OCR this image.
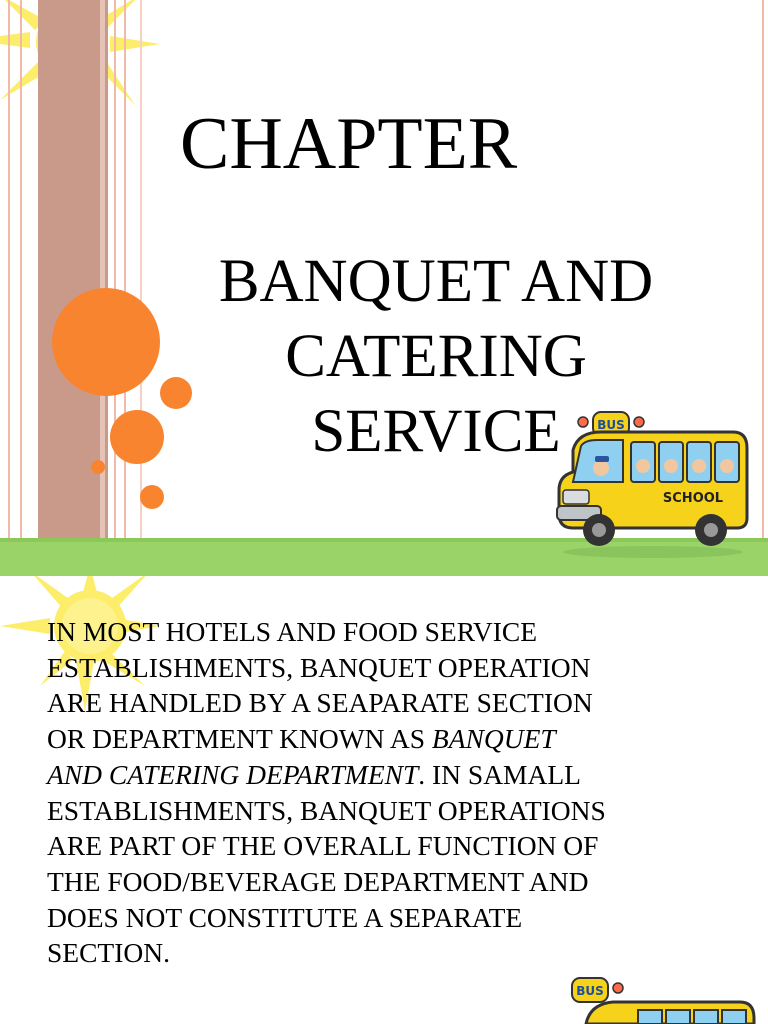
CHAPTER
BANQUET AND
CATERING
SERVICE	BUS
SCHOOL
IN MOST HOTELS AND FOOD SERVICE
ESTABLISHMENTS, BANQUET OPERATION
ARE HANDLED BY A SEAPARATE SECTION
OR DEPARTMENT KNOWN AS BANQUET
AND CATERING DEPARTMENT. IN SAMALL
ESTABLISHMENTS, BANQUET OPERATIONS
ARE PART OF THE OVERALL FUNCTION OF
THE FOOD/BEVERAGE DEPARTMENT AND
DOES NOT CONSTITUTE A SEPARATE
SECTION.
BUS
